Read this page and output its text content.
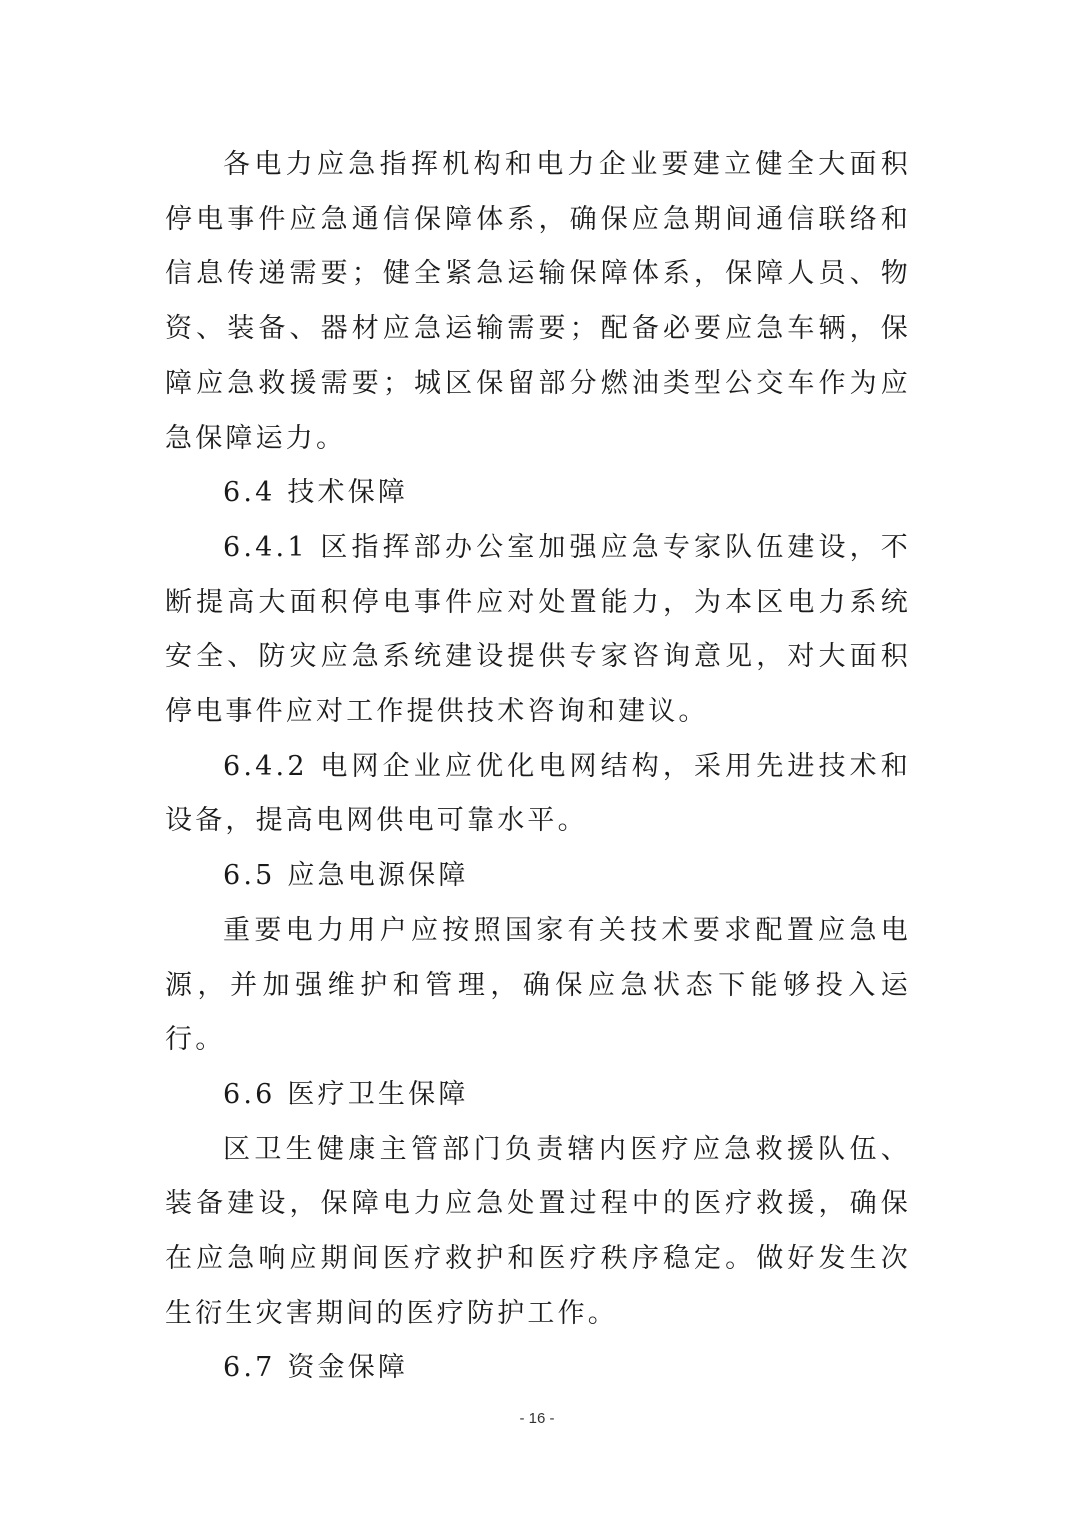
各电力应急指挥机构和电力企业要建立健全大面积停电事件应急通信保障体系，确保应急期间通信联络和信息传递需要；健全紧急运输保障体系，保障人员、物资、装备、器材应急运输需要；配备必要应急车辆，保障应急救援需要；城区保留部分燃油类型公交车作为应急保障运力。

6.4 技术保障

6.4.1 区指挥部办公室加强应急专家队伍建设，不断提高大面积停电事件应对处置能力，为本区电力系统安全、防灾应急系统建设提供专家咨询意见，对大面积停电事件应对工作提供技术咨询和建议。

6.4.2 电网企业应优化电网结构，采用先进技术和设备，提高电网供电可靠水平。

6.5 应急电源保障

重要电力用户应按照国家有关技术要求配置应急电源，并加强维护和管理，确保应急状态下能够投入运行。

6.6 医疗卫生保障

区卫生健康主管部门负责辖内医疗应急救援队伍、装备建设，保障电力应急处置过程中的医疗救援，确保在应急响应期间医疗救护和医疗秩序稳定。做好发生次生衍生灾害期间的医疗防护工作。

6.7 资金保障

- 16 -
